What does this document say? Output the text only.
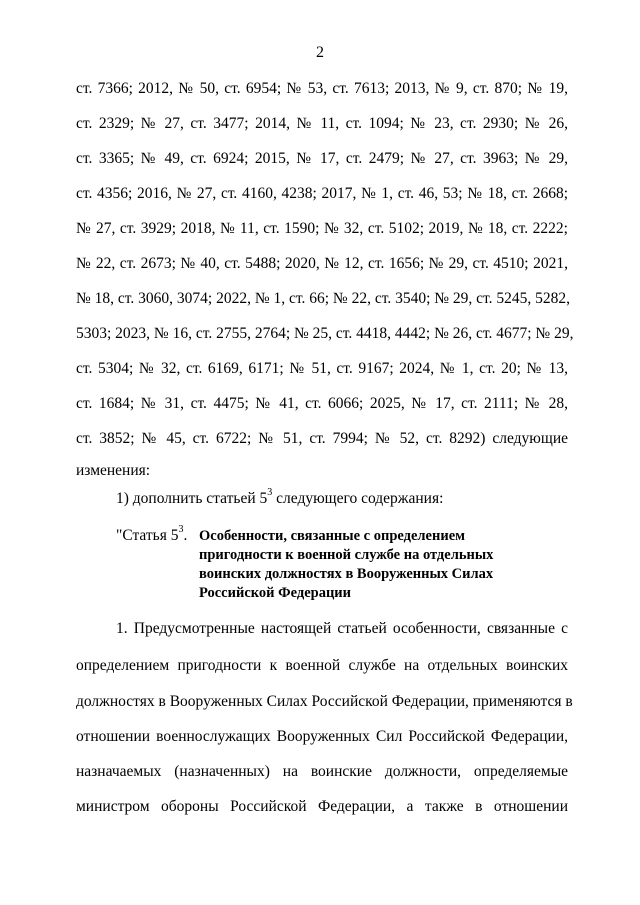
2
ст. 7366; 2012, № 50, ст. 6954; № 53, ст. 7613; 2013, № 9, ст. 870; № 19,
ст. 2329; № 27, ст. 3477; 2014, № 11, ст. 1094; № 23, ст. 2930; № 26,
ст. 3365; № 49, ст. 6924; 2015, № 17, ст. 2479; № 27, ст. 3963; № 29,
ст. 4356; 2016, № 27, ст. 4160, 4238; 2017, № 1, ст. 46, 53; № 18, ст. 2668;
№ 27, ст. 3929; 2018, № 11, ст. 1590; № 32, ст. 5102; 2019, № 18, ст. 2222;
№ 22, ст. 2673; № 40, ст. 5488; 2020, № 12, ст. 1656; № 29, ст. 4510; 2021,
№ 18, ст. 3060, 3074; 2022, № 1, ст. 66; № 22, ст. 3540; № 29, ст. 5245, 5282,
5303; 2023, № 16, ст. 2755, 2764; № 25, ст. 4418, 4442; № 26, ст. 4677; № 29,
ст. 5304; № 32, ст. 6169, 6171; № 51, ст. 9167; 2024, № 1, ст. 20; № 13,
ст. 1684; № 31, ст. 4475; № 41, ст. 6066; 2025, № 17, ст. 2111; № 28,
ст. 3852; № 45, ст. 6722; № 51, ст. 7994; № 52, ст. 8292) следующие
изменения:
1) дополнить статьей $5^3$ следующего содержания:
"Статья $5^3$. Особенности, связанные с определением
пригодности к военной службе на отдельных
воинских должностях в Вооруженных Силах
Российской Федерации
1. Предусмотренные настоящей статьей особенности, связанные с
определением пригодности к военной службе на отдельных воинских
должностях в Вооруженных Силах Российской Федерации, применяются в
отношении военнослужащих Вооруженных Сил Российской Федерации,
назначаемых (назначенных) на воинские должности, определяемые
министром обороны Российской Федерации, а также в отношении
